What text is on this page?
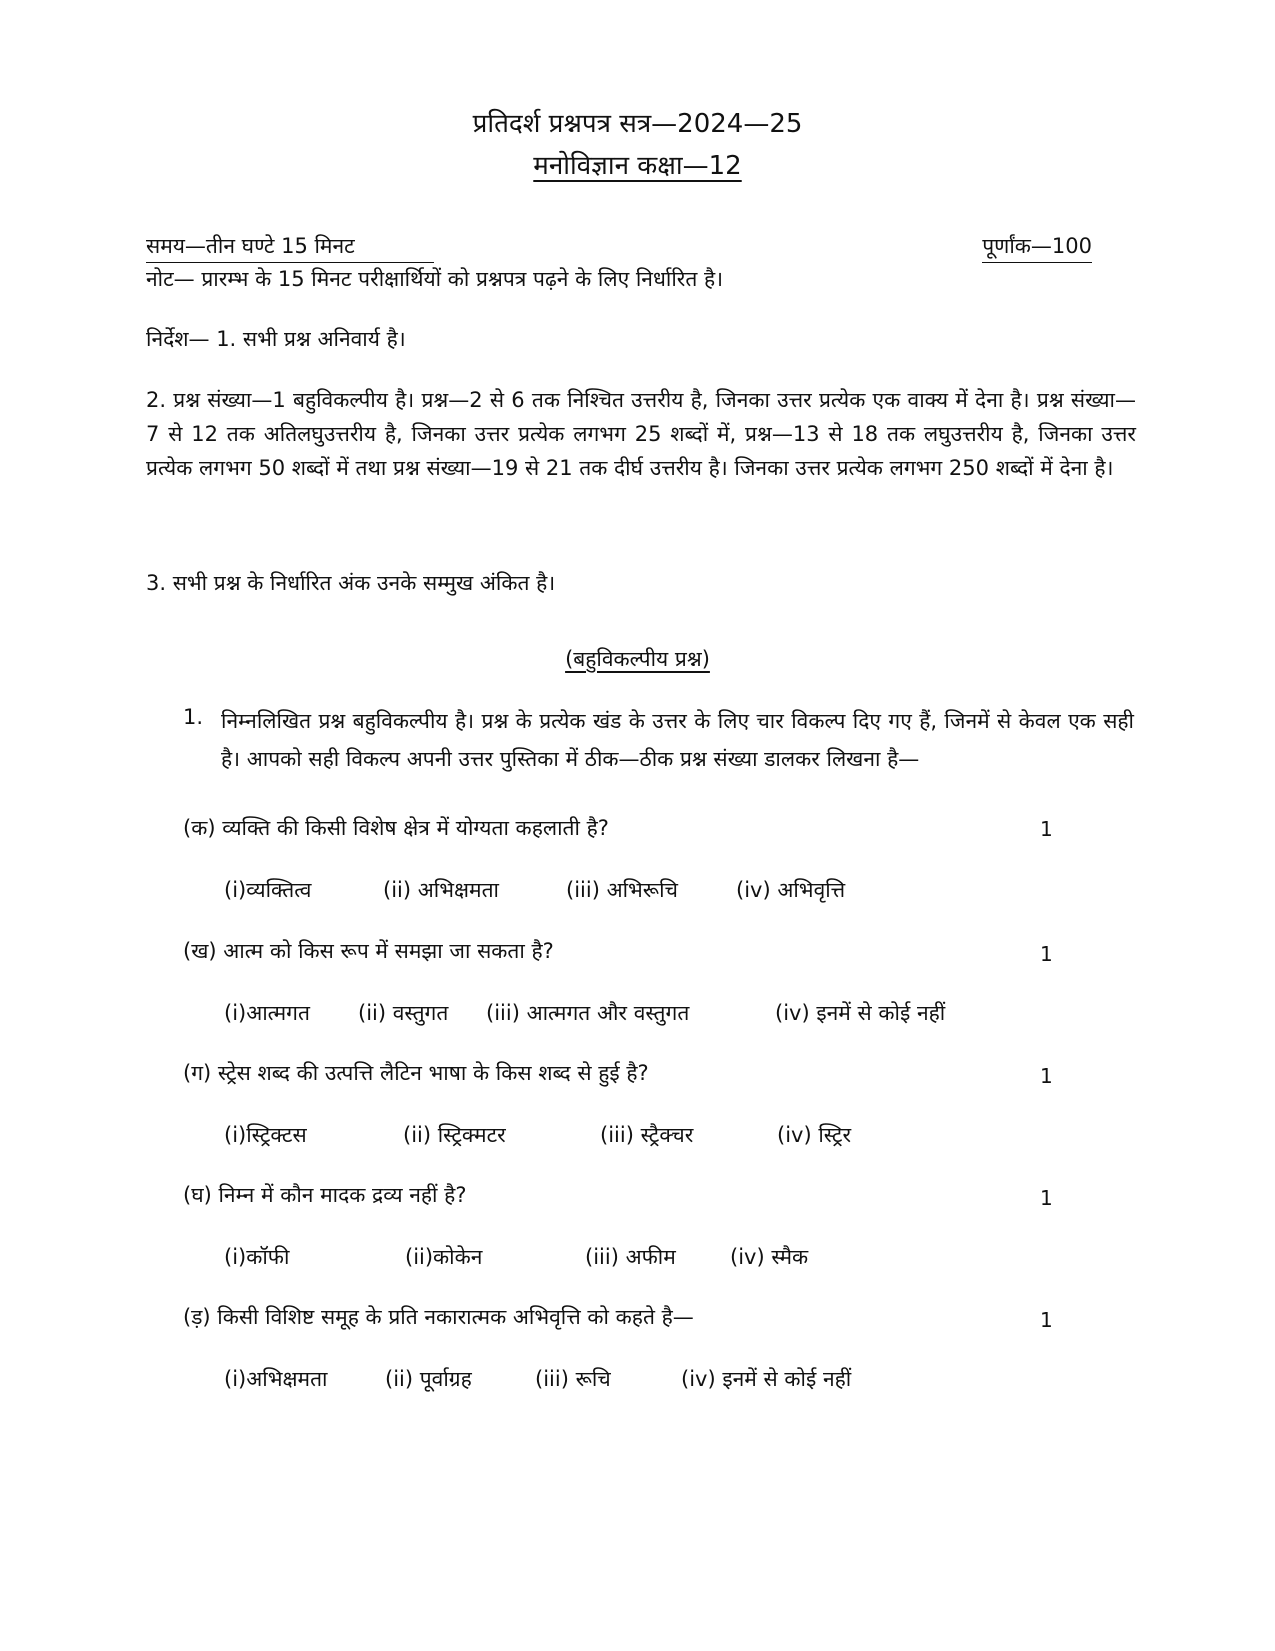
प्रतिदर्श प्रश्नपत्र सत्र—2024—25
मनोविज्ञान कक्षा—12
समय—तीन घण्टे 15 मिनट	पूर्णांक—100
नोट— प्रारम्भ के 15 मिनट परीक्षार्थियों को प्रश्नपत्र पढ़ने के लिए निर्धारित है।
निर्देश— 1. सभी प्रश्न अनिवार्य है।
2. प्रश्न संख्या—1 बहुविकल्पीय है। प्रश्न—2 से 6 तक निश्चित उत्तरीय है, जिनका उत्तर प्रत्येक एक वाक्य में देना है। प्रश्न संख्या— 7 से 12 तक अतिलघुउत्तरीय है, जिनका उत्तर प्रत्येक लगभग 25 शब्दों में, प्रश्न—13 से 18 तक लघुउत्तरीय है, जिनका उत्तर प्रत्येक लगभग 50 शब्दों में तथा प्रश्न संख्या—19 से 21 तक दीर्घ उत्तरीय है। जिनका उत्तर प्रत्येक लगभग 250 शब्दों में देना है।
3. सभी प्रश्न के निर्धारित अंक उनके सम्मुख अंकित है।
(बहुविकल्पीय प्रश्न)
1. निम्नलिखित प्रश्न बहुविकल्पीय है। प्रश्न के प्रत्येक खंड के उत्तर के लिए चार विकल्प दिए गए हैं, जिनमें से केवल एक सही है। आपको सही विकल्प अपनी उत्तर पुस्तिका में ठीक—ठीक प्रश्न संख्या डालकर लिखना है—
(क) व्यक्ति की किसी विशेष क्षेत्र में योग्यता कहलाती है?	1
(i)व्यक्तित्व	(ii) अभिक्षमता	(iii) अभिरूचि	(iv) अभिवृत्ति
(ख) आत्म को किस रूप में समझा जा सकता है?	1
(i)आत्मगत (ii) वस्तुगत (iii) आत्मगत और वस्तुगत	(iv) इनमें से कोई नहीं
(ग) स्ट्रेस शब्द की उत्पत्ति लैटिन भाषा के किस शब्द से हुई है?	1
(i)स्ट्रिक्टस	(ii) स्ट्रिक्मटर	(iii) स्ट्रैक्चर	(iv) स्ट्रिर
(घ) निम्न में कौन मादक द्रव्य नहीं है?	1
(i)कॉफी	(ii)कोकेन	(iii) अफीम	(iv) स्मैक
(ड़) किसी विशिष्ट समूह के प्रति नकारात्मक अभिवृत्ति को कहते है—	1
(i)अभिक्षमता	(ii) पूर्वाग्रह	(iii) रूचि	(iv) इनमें से कोई नहीं
